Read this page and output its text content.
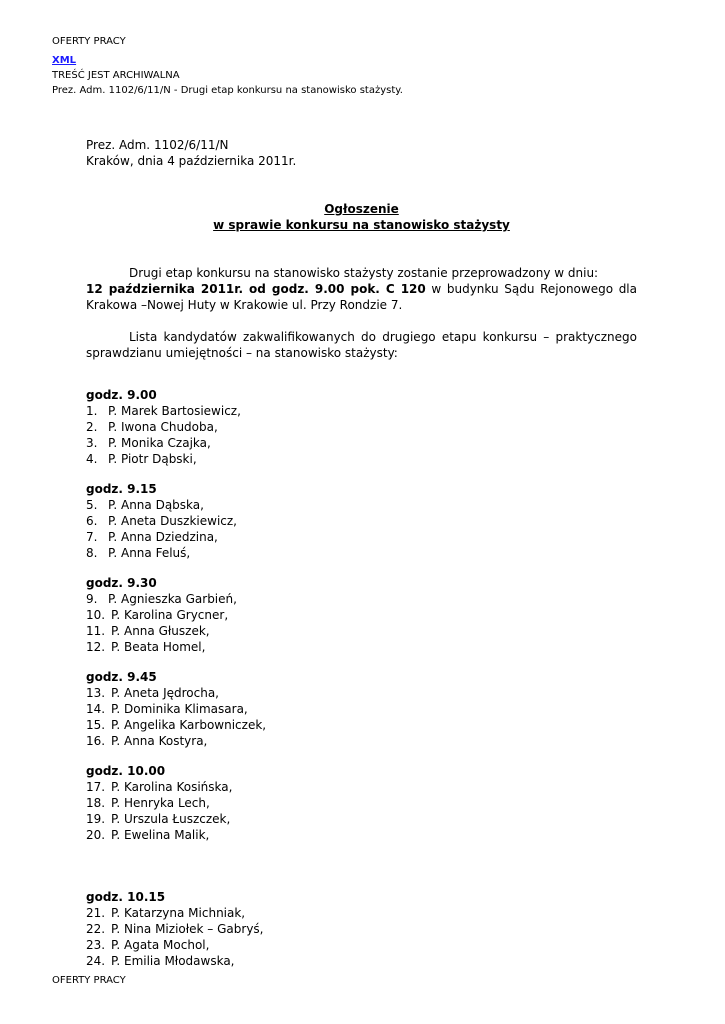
OFERTY PRACY
XML
TREŚĆ JEST ARCHIWALNA
Prez. Adm. 1102/6/11/N - Drugi etap konkursu na stanowisko stażysty.

Prez. Adm. 1102/6/11/N

Kraków, dnia 4 października 2011r.

Ogłoszenie

w sprawie konkursu na stanowisko stażysty

Drugi etap konkursu na stanowisko stażysty zostanie przeprowadzony w dniu:
12 października 2011r. od godz. 9.00 pok. C 120 w budynku Sądu Rejonowego dla Krakowa –Nowej Huty w Krakowie ul. Przy Rondzie 7.

Lista kandydatów zakwalifikowanych do drugiego etapu konkursu – praktycznego sprawdzianu umiejętności – na stanowisko stażysty:

godz. 9.00

1. P. Marek Bartosiewicz,
2. P. Iwona Chudoba,
3. P. Monika Czajka,
4. P. Piotr Dąbski,

godz. 9.15

5. P. Anna Dąbska,
6. P. Aneta Duszkiewicz,
7. P. Anna Dziedzina,
8. P. Anna Feluś,

godz. 9.30

9. P. Agnieszka Garbień,
10. P. Karolina Grycner,
11. P. Anna Głuszek,
12. P. Beata Homel,

godz. 9.45

13. P. Aneta Jędrocha,
14. P. Dominika Klimasara,
15. P. Angelika Karbowniczek,
16. P. Anna Kostyra,

godz. 10.00

17. P. Karolina Kosińska,
18. P. Henryka Lech,
19. P. Urszula Łuszczek,
20. P. Ewelina Malik,

godz. 10.15

21. P. Katarzyna Michniak,
22. P. Nina Miziołek – Gabryś,
23. P. Agata Mochol,
24. P. Emilia Młodawska,
OFERTY PRACY
